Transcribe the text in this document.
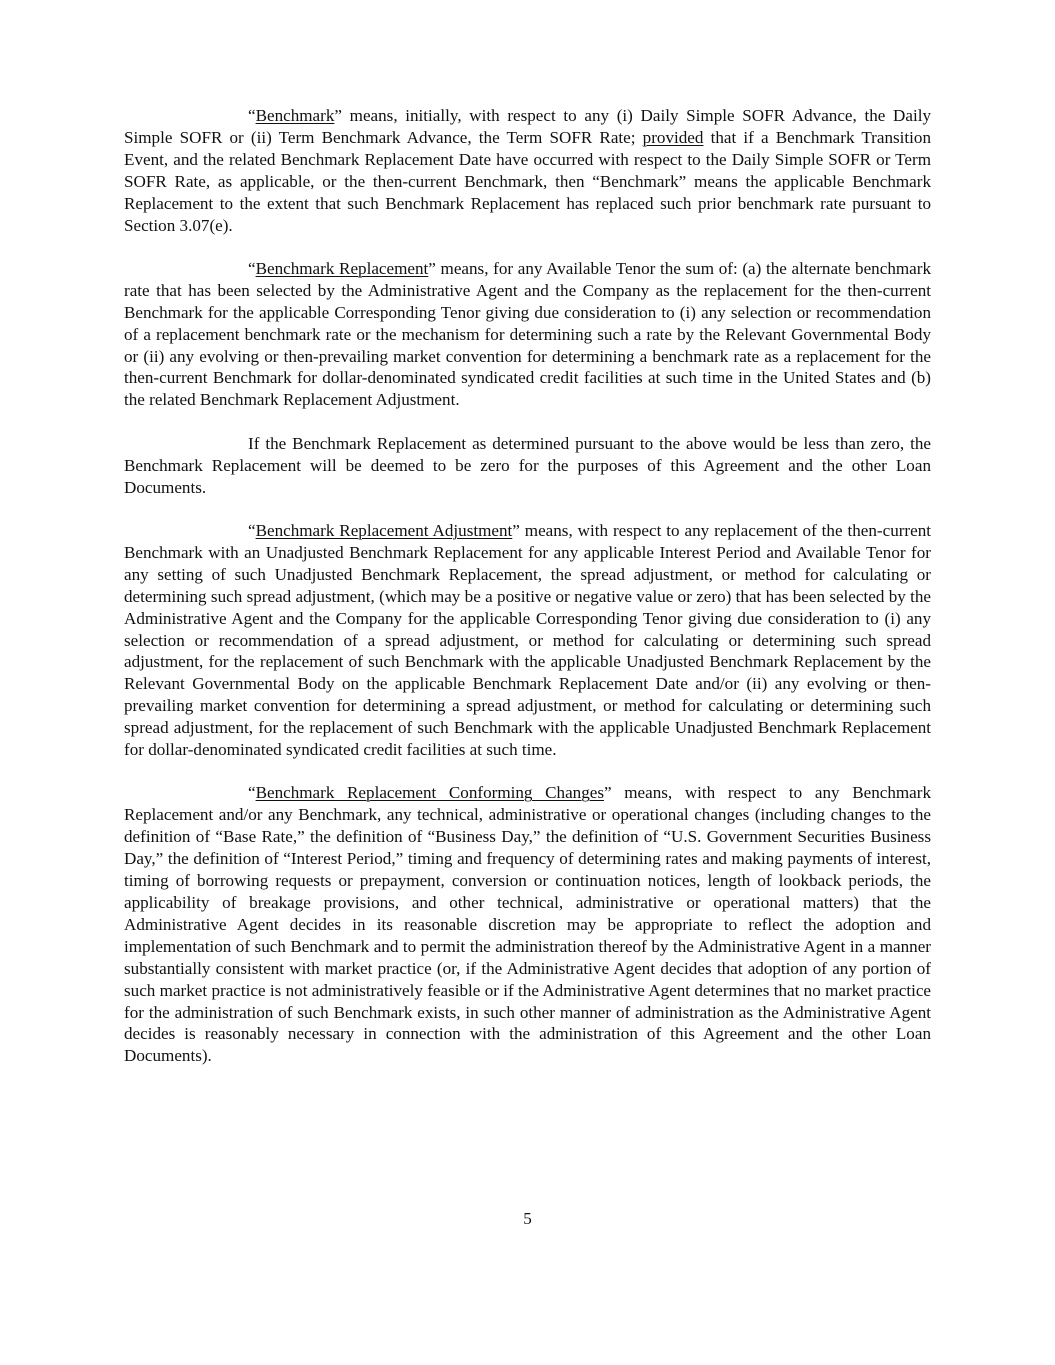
“Benchmark” means, initially, with respect to any (i) Daily Simple SOFR Advance, the Daily Simple SOFR or (ii) Term Benchmark Advance, the Term SOFR Rate; provided that if a Benchmark Transition Event, and the related Benchmark Replacement Date have occurred with respect to the Daily Simple SOFR or Term SOFR Rate, as applicable, or the then-current Benchmark, then “Benchmark” means the applicable Benchmark Replacement to the extent that such Benchmark Replacement has replaced such prior benchmark rate pursuant to Section 3.07(e).

“Benchmark Replacement” means, for any Available Tenor the sum of: (a) the alternate benchmark rate that has been selected by the Administrative Agent and the Company as the replacement for the then-current Benchmark for the applicable Corresponding Tenor giving due consideration to (i) any selection or recommendation of a replacement benchmark rate or the mechanism for determining such a rate by the Relevant Governmental Body or (ii) any evolving or then-prevailing market convention for determining a benchmark rate as a replacement for the then-current Benchmark for dollar-denominated syndicated credit facilities at such time in the United States and (b) the related Benchmark Replacement Adjustment.

If the Benchmark Replacement as determined pursuant to the above would be less than zero, the Benchmark Replacement will be deemed to be zero for the purposes of this Agreement and the other Loan Documents.

“Benchmark Replacement Adjustment” means, with respect to any replacement of the then-current Benchmark with an Unadjusted Benchmark Replacement for any applicable Interest Period and Available Tenor for any setting of such Unadjusted Benchmark Replacement, the spread adjustment, or method for calculating or determining such spread adjustment, (which may be a positive or negative value or zero) that has been selected by the Administrative Agent and the Company for the applicable Corresponding Tenor giving due consideration to (i) any selection or recommendation of a spread adjustment, or method for calculating or determining such spread adjustment, for the replacement of such Benchmark with the applicable Unadjusted Benchmark Replacement by the Relevant Governmental Body on the applicable Benchmark Replacement Date and/or (ii) any evolving or then-prevailing market convention for determining a spread adjustment, or method for calculating or determining such spread adjustment, for the replacement of such Benchmark with the applicable Unadjusted Benchmark Replacement for dollar-denominated syndicated credit facilities at such time.

“Benchmark Replacement Conforming Changes” means, with respect to any Benchmark Replacement and/or any Benchmark, any technical, administrative or operational changes (including changes to the definition of “Base Rate,” the definition of “Business Day,” the definition of “U.S. Government Securities Business Day,” the definition of “Interest Period,” timing and frequency of determining rates and making payments of interest, timing of borrowing requests or prepayment, conversion or continuation notices, length of lookback periods, the applicability of breakage provisions, and other technical, administrative or operational matters) that the Administrative Agent decides in its reasonable discretion may be appropriate to reflect the adoption and implementation of such Benchmark and to permit the administration thereof by the Administrative Agent in a manner substantially consistent with market practice (or, if the Administrative Agent decides that adoption of any portion of such market practice is not administratively feasible or if the Administrative Agent determines that no market practice for the administration of such Benchmark exists, in such other manner of administration as the Administrative Agent decides is reasonably necessary in connection with the administration of this Agreement and the other Loan Documents).

5
